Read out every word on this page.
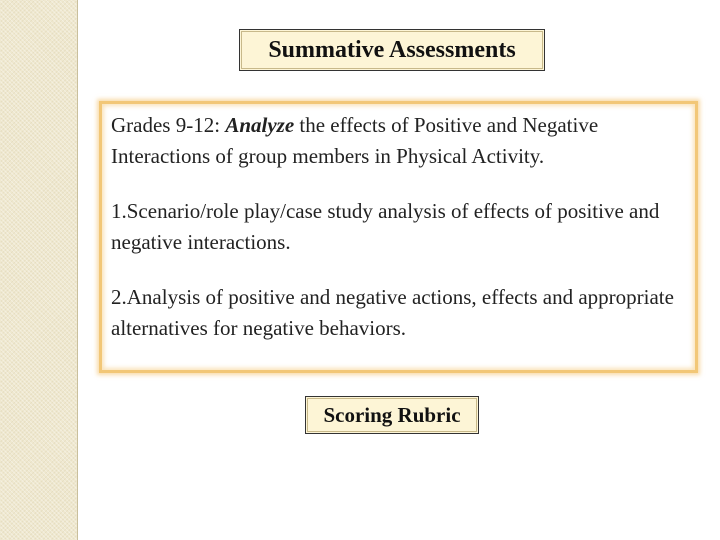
Summative Assessments

Grades 9-12: Analyze the effects of Positive and Negative Interactions of group members in Physical Activity.

1.Scenario/role play/case study analysis of effects of positive and negative interactions.

2.Analysis of positive and negative actions, effects and appropriate alternatives for negative behaviors.

Scoring Rubric
